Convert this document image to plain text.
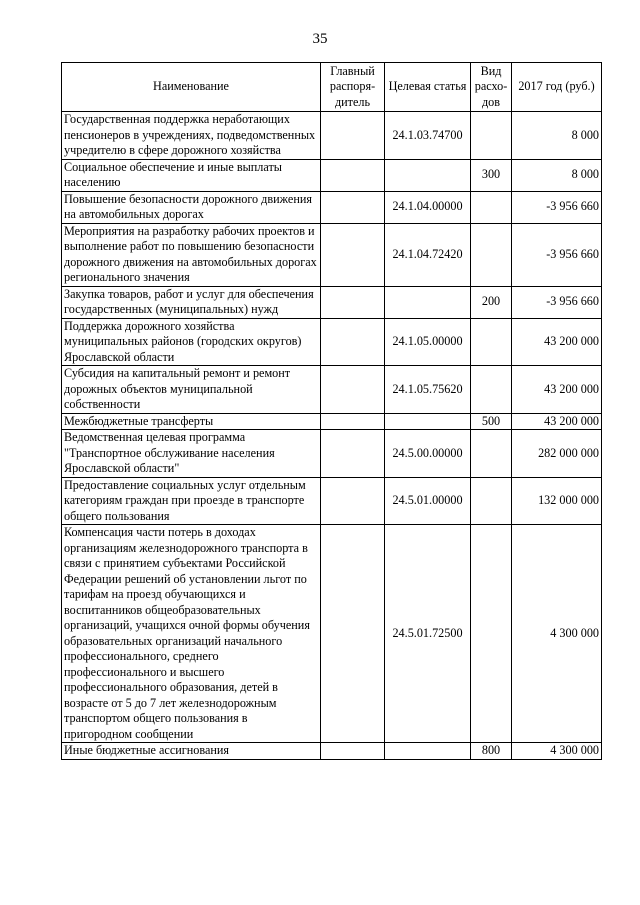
35
Наименование	Главный распоря-дитель	Целевая статья	Вид расхо-дов	2017 год (руб.)
Государственная поддержка неработающих пенсионеров в учреждениях, подведомственных учредителю в сфере дорожного хозяйства		24.1.03.74700		8 000
Социальное обеспечение и иные выплаты населению			300	8 000
Повышение безопасности дорожного движения на автомобильных дорогах		24.1.04.00000		-3 956 660
Мероприятия на разработку рабочих проектов и выполнение работ по повышению безопасности дорожного движения на автомобильных дорогах регионального значения		24.1.04.72420		-3 956 660
Закупка товаров, работ и услуг для обеспечения государственных (муниципальных) нужд			200	-3 956 660
Поддержка дорожного хозяйства муниципальных районов (городских округов) Ярославской области		24.1.05.00000		43 200 000
Субсидия на капитальный ремонт и ремонт дорожных объектов муниципальной собственности		24.1.05.75620		43 200 000
Межбюджетные трансферты			500	43 200 000
Ведомственная целевая программа "Транспортное обслуживание населения Ярославской области"		24.5.00.00000		282 000 000
Предоставление социальных услуг отдельным категориям граждан при проезде в транспорте общего пользования		24.5.01.00000		132 000 000
Компенсация части потерь в доходах организациям железнодорожного транспорта в связи с принятием субъектами Российской Федерации решений об установлении льгот по тарифам на проезд обучающихся и воспитанников общеобразовательных организаций, учащихся очной формы обучения образовательных организаций начального профессионального, среднего профессионального и высшего профессионального образования, детей в возрасте от 5 до 7 лет железнодорожным транспортом общего пользования в пригородном сообщении		24.5.01.72500		4 300 000
Иные бюджетные ассигнования			800	4 300 000
